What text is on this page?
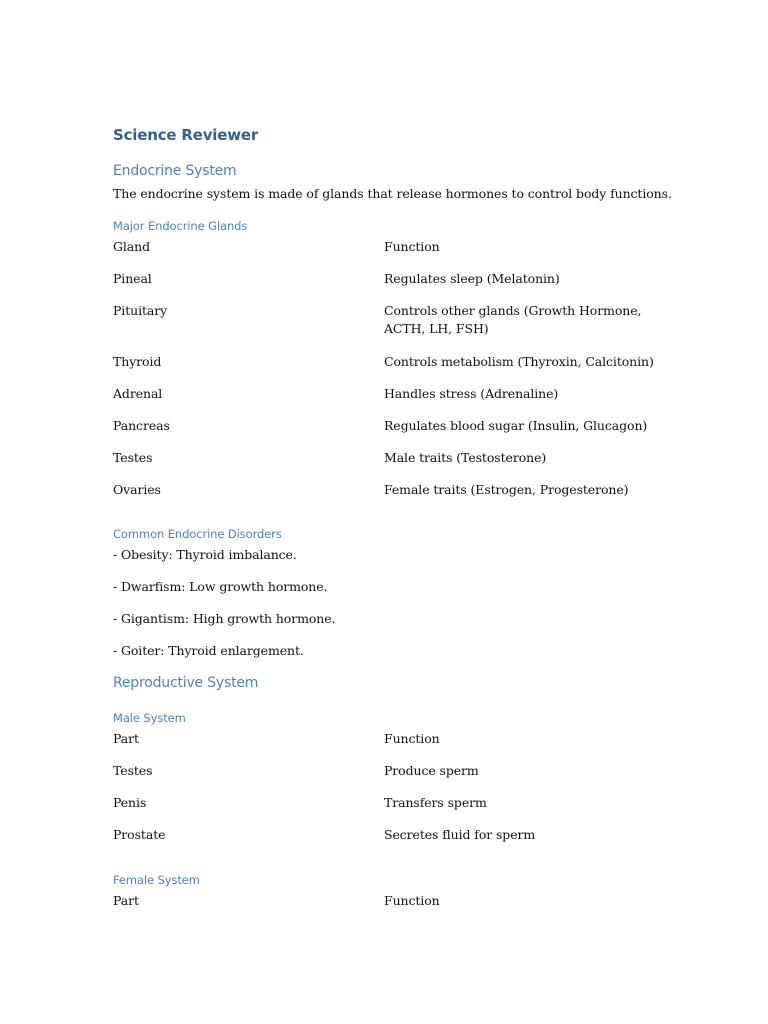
Science Reviewer
Endocrine System
The endocrine system is made of glands that release hormones to control body functions.
Major Endocrine Glands
Gland	Function
Pineal	Regulates sleep (Melatonin)
Pituitary	Controls other glands (Growth Hormone, ACTH, LH, FSH)
Thyroid	Controls metabolism (Thyroxin, Calcitonin)
Adrenal	Handles stress (Adrenaline)
Pancreas	Regulates blood sugar (Insulin, Glucagon)
Testes	Male traits (Testosterone)
Ovaries	Female traits (Estrogen, Progesterone)
Common Endocrine Disorders
- Obesity: Thyroid imbalance.
- Dwarfism: Low growth hormone.
- Gigantism: High growth hormone.
- Goiter: Thyroid enlargement.
Reproductive System
Male System
Part	Function
Testes	Produce sperm
Penis	Transfers sperm
Prostate	Secretes fluid for sperm
Female System
Part	Function
